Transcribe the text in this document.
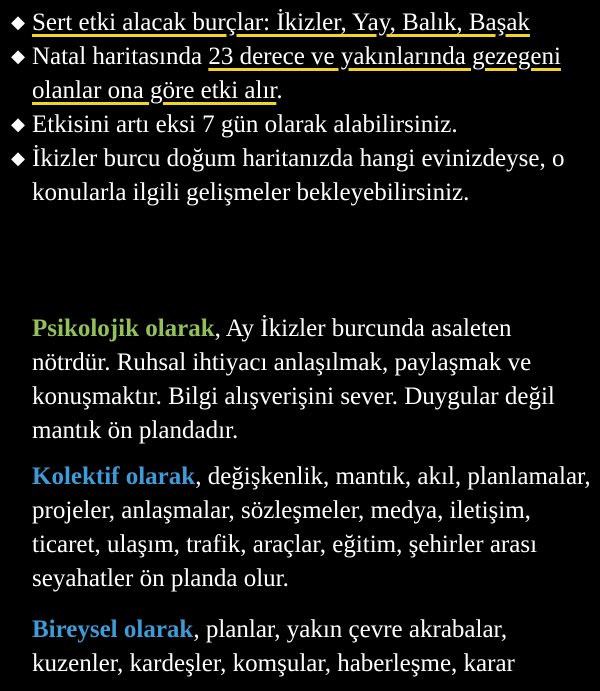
◆ Sert etki alacak burçlar: İkizler, Yay, Balık, Başak
◆ Natal haritasında 23 derece ve yakınlarında gezegeni olanlar ona göre etki alır.
◆ Etkisini artı eksi 7 gün olarak alabilirsiniz.
◆ İkizler burcu doğum haritanızda hangi evinizdeyse, o konularla ilgili gelişmeler bekleyebilirsiniz.
Psikolojik olarak, Ay İkizler burcunda asaleten nötrdür. Ruhsal ihtiyacı anlaşılmak, paylaşmak ve konuşmaktır. Bilgi alışverişini sever. Duygular değil mantık ön plandadır.
Kolektif olarak, değişkenlik, mantık, akıl, planlamalar, projeler, anlaşmalar, sözleşmeler, medya, iletişim, ticaret, ulaşım, trafik, araçlar, eğitim, şehirler arası seyahatler ön planda olur.
Bireysel olarak, planlar, yakın çevre akrabalar, kuzenler, kardeşler, komşular, haberleşme, karar
